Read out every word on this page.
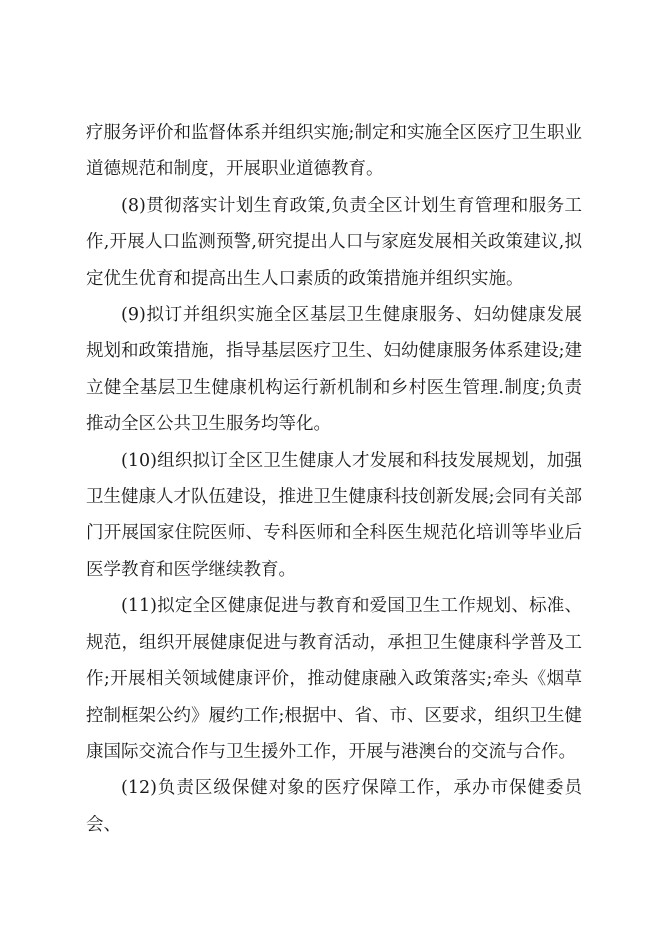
疗服务评价和监督体系并组织实施;制定和实施全区医疗卫生职业道德规范和制度，开展职业道德教育。

(8)贯彻落实计划生育政策,负责全区计划生育管理和服务工作,开展人口监测预警,研究提出人口与家庭发展相关政策建议,拟定优生优育和提高出生人口素质的政策措施并组织实施。

(9)拟订并组织实施全区基层卫生健康服务、妇幼健康发展规划和政策措施，指导基层医疗卫生、妇幼健康服务体系建设;建立健全基层卫生健康机构运行新机制和乡村医生管理.制度;负责推动全区公共卫生服务均等化。

(10)组织拟订全区卫生健康人才发展和科技发展规划，加强卫生健康人才队伍建设，推进卫生健康科技创新发展;会同有关部门开展国家住院医师、专科医师和全科医生规范化培训等毕业后医学教育和医学继续教育。

(11)拟定全区健康促进与教育和爱国卫生工作规划、标准、规范，组织开展健康促进与教育活动，承担卫生健康科学普及工作;开展相关领域健康评价，推动健康融入政策落实;牵头《烟草控制框架公约》履约工作;根据中、省、市、区要求，组织卫生健康国际交流合作与卫生援外工作，开展与港澳台的交流与合作。

(12)负责区级保健对象的医疗保障工作，承办市保健委员会、
